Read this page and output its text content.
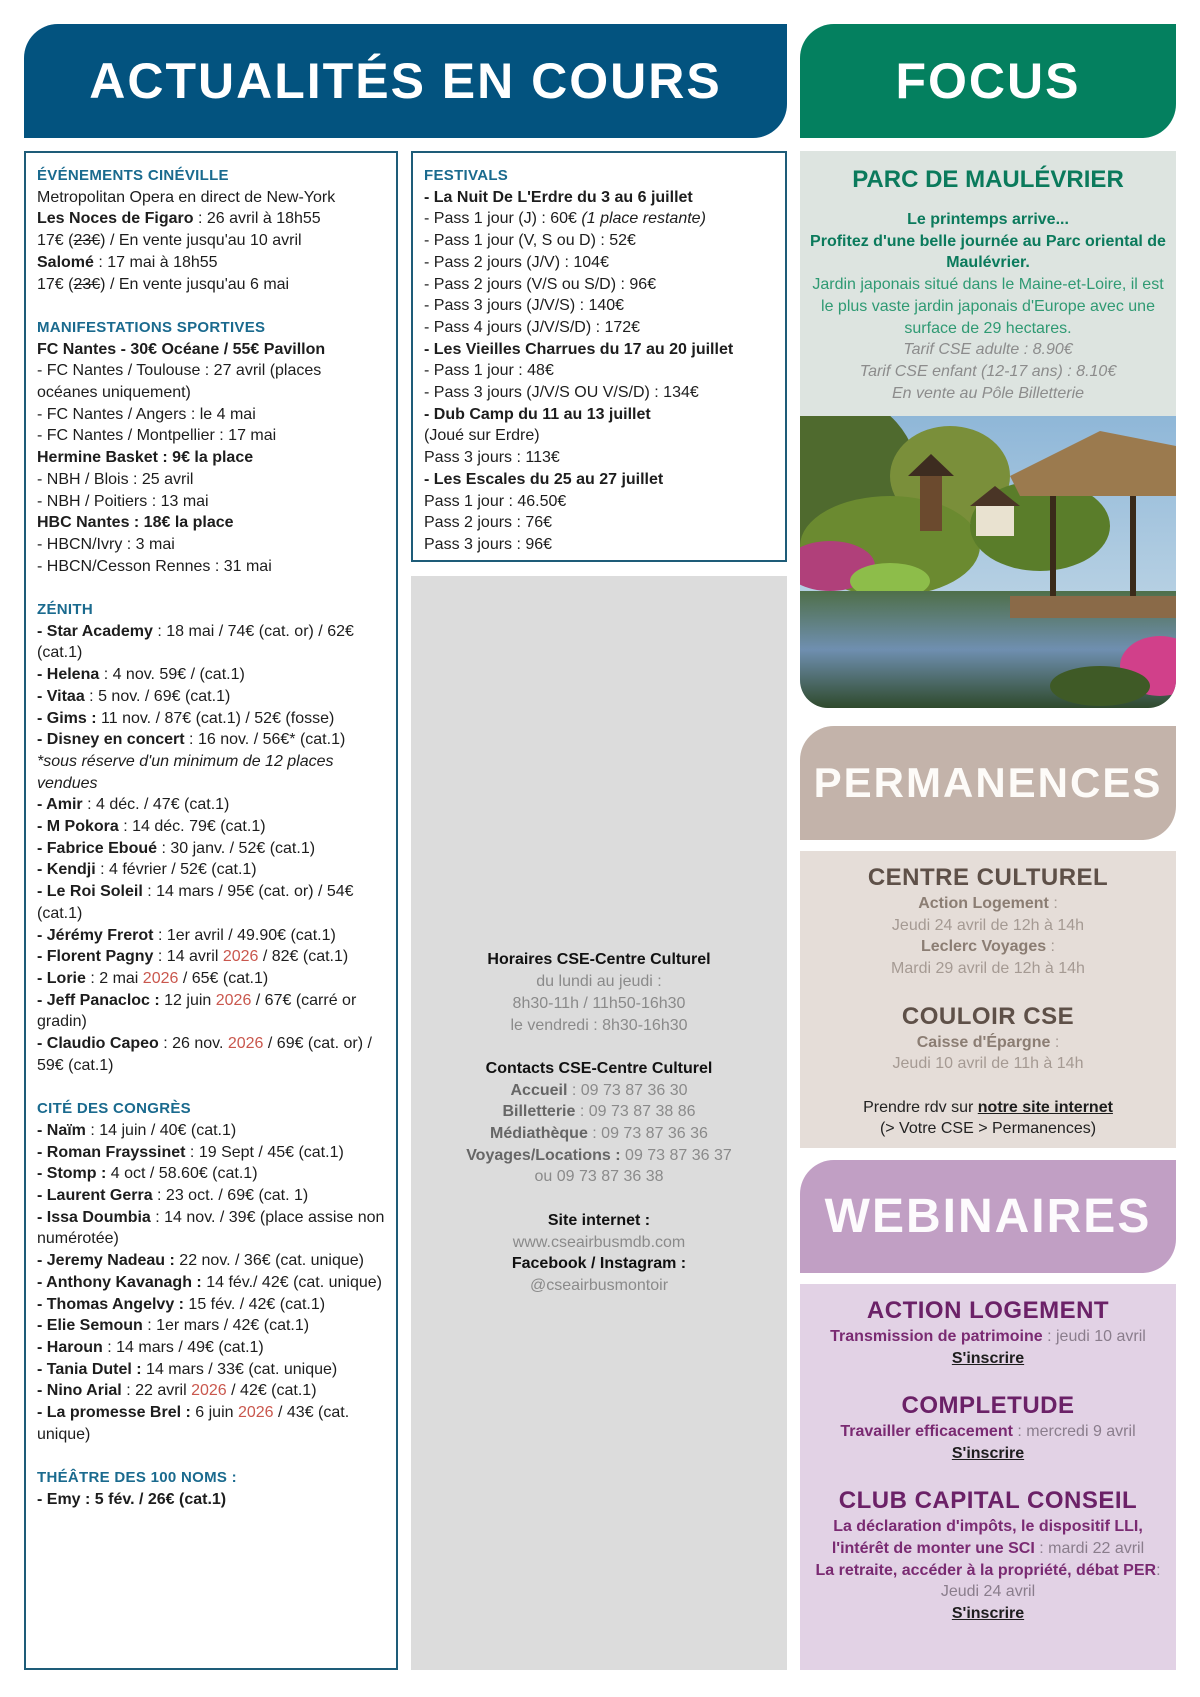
ACTUALITÉS EN COURS	FOCUS
ÉVÉNEMENTS CINÉVILLE
Metropolitan Opera en direct de New-York
Les Noces de Figaro : 26 avril à 18h55
17€ (23€) / En vente jusqu'au 10 avril
Salomé : 17 mai à 18h55
17€ (23€) / En vente jusqu'au 6 mai
MANIFESTATIONS SPORTIVES
FC Nantes - 30€ Océane / 55€ Pavillon
- FC Nantes / Toulouse : 27 avril (places océanes uniquement)
- FC Nantes / Angers : le 4 mai
- FC Nantes / Montpellier : 17 mai
Hermine Basket : 9€ la place
- NBH / Blois : 25 avril
- NBH / Poitiers : 13 mai
HBC Nantes : 18€ la place
- HBCN/Ivry : 3 mai
- HBCN/Cesson Rennes : 31 mai
ZÉNITH
- Star Academy : 18 mai / 74€ (cat. or) / 62€ (cat.1)
- Helena : 4 nov. 59€ / (cat.1)
- Vitaa : 5 nov. / 69€ (cat.1)
- Gims : 11 nov. / 87€ (cat.1) / 52€ (fosse)
- Disney en concert : 16 nov. / 56€* (cat.1)
*sous réserve d'un minimum de 12 places vendues
- Amir : 4 déc. / 47€ (cat.1)
- M Pokora : 14 déc. 79€ (cat.1)
- Fabrice Eboué : 30 janv. / 52€ (cat.1)
- Kendji : 4 février / 52€ (cat.1)
- Le Roi Soleil : 14 mars / 95€ (cat. or) / 54€ (cat.1)
- Jérémy Frerot : 1er avril / 49.90€ (cat.1)
- Florent Pagny : 14 avril 2026 / 82€ (cat.1)
- Lorie : 2 mai 2026 / 65€ (cat.1)
- Jeff Panacloc : 12 juin 2026 / 67€ (carré or gradin)
- Claudio Capeo : 26 nov. 2026 / 69€ (cat. or) / 59€ (cat.1)
CITÉ DES CONGRÈS
- Naïm : 14 juin / 40€ (cat.1)
- Roman Frayssinet : 19 Sept / 45€ (cat.1)
- Stomp : 4 oct / 58.60€ (cat.1)
- Laurent Gerra : 23 oct. / 69€ (cat. 1)
- Issa Doumbia : 14 nov. / 39€ (place assise non numérotée)
- Jeremy Nadeau : 22 nov. / 36€ (cat. unique)
- Anthony Kavanagh : 14 fév./ 42€ (cat. unique)
- Thomas Angelvy : 15 fév. / 42€ (cat.1)
- Elie Semoun : 1er mars / 42€ (cat.1)
- Haroun : 14 mars / 49€ (cat.1)
- Tania Dutel : 14 mars / 33€ (cat. unique)
- Nino Arial : 22 avril 2026 / 42€ (cat.1)
- La promesse Brel : 6 juin 2026 / 43€ (cat. unique)
THÉÂTRE DES 100 NOMS :
- Emy : 5 fév. / 26€ (cat.1)
FESTIVALS
- La Nuit De L'Erdre du 3 au 6 juillet
- Pass 1 jour (J) : 60€ (1 place restante)
- Pass 1 jour (V, S ou D) : 52€
- Pass 2 jours (J/V) : 104€
- Pass 2 jours (V/S ou S/D) : 96€
- Pass 3 jours (J/V/S) : 140€
- Pass 4 jours (J/V/S/D) : 172€
- Les Vieilles Charrues du 17 au 20 juillet
- Pass 1 jour : 48€
- Pass 3 jours (J/V/S OU V/S/D) : 134€
- Dub Camp du 11 au 13 juillet
(Joué sur Erdre)
Pass 3 jours : 113€
- Les Escales du 25 au 27 juillet
Pass 1 jour : 46.50€
Pass 2 jours : 76€
Pass 3 jours : 96€
Horaires CSE-Centre Culturel
du lundi au jeudi :
8h30-11h / 11h50-16h30
le vendredi : 8h30-16h30
Contacts CSE-Centre Culturel
Accueil : 09 73 87 36 30
Billetterie : 09 73 87 38 86
Médiathèque : 09 73 87 36 36
Voyages/Locations : 09 73 87 36 37
ou 09 73 87 36 38
Site internet :
www.cseairbusmdb.com
Facebook / Instagram :
@cseairbusmontoir
PARC DE MAULÉVRIER
Le printemps arrive...
Profitez d'une belle journée au Parc oriental de Maulévrier.
Jardin japonais situé dans le Maine-et-Loire, il est le plus vaste jardin japonais d'Europe avec une surface de 29 hectares.
Tarif CSE adulte : 8.90€
Tarif CSE enfant (12-17 ans) : 8.10€
En vente au Pôle Billetterie
PERMANENCES
CENTRE CULTUREL
Action Logement :
Jeudi 24 avril de 12h à 14h
Leclerc Voyages :
Mardi 29 avril de 12h à 14h
COULOIR CSE
Caisse d'Épargne :
Jeudi 10 avril de 11h à 14h
Prendre rdv sur notre site internet
(> Votre CSE > Permanences)
WEBINAIRES
ACTION LOGEMENT
Transmission de patrimoine : jeudi 10 avril
S'inscrire
COMPLETUDE
Travailler efficacement : mercredi 9 avril
S'inscrire
CLUB CAPITAL CONSEIL
La déclaration d'impôts, le dispositif LLI, l'intérêt de monter une SCI : mardi 22 avril
La retraite, accéder à la propriété, débat PER: Jeudi 24 avril
S'inscrire
